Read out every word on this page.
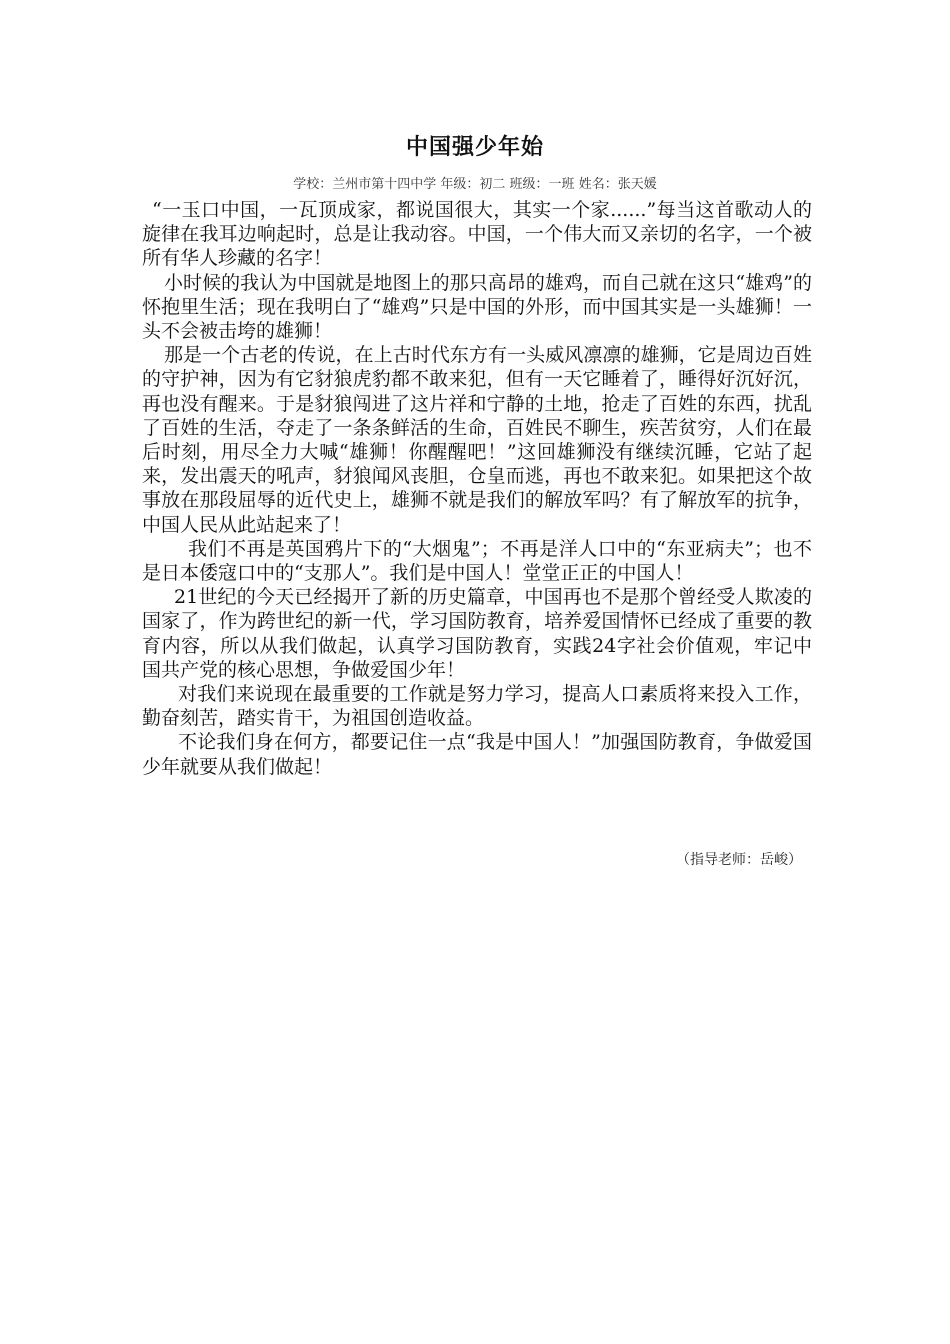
中国强少年始
学校：兰州市第十四中学 年级：初二 班级：一班 姓名：张天媛

“一玉口中国，一瓦顶成家，都说国很大，其实一个家......”每当这首歌动人的旋律在我耳边响起时，总是让我动容。中国，一个伟大而又亲切的名字，一个被所有华人珍藏的名字！

小时候的我认为中国就是地图上的那只高昂的雄鸡，而自己就在这只“雄鸡”的怀抱里生活；现在我明白了“雄鸡”只是中国的外形，而中国其实是一头雄狮！一头不会被击垮的雄狮！

那是一个古老的传说，在上古时代东方有一头威风凛凛的雄狮，它是周边百姓的守护神，因为有它豺狼虎豹都不敢来犯，但有一天它睡着了，睡得好沉好沉，再也没有醒来。于是豺狼闯进了这片祥和宁静的土地，抢走了百姓的东西，扰乱了百姓的生活，夺走了一条条鲜活的生命，百姓民不聊生，疾苦贫穷，人们在最后时刻，用尽全力大喊“雄狮！你醒醒吧！”这回雄狮没有继续沉睡，它站了起来，发出震天的吼声，豺狼闻风丧胆，仓皇而逃，再也不敢来犯。如果把这个故事放在那段屈辱的近代史上，雄狮不就是我们的解放军吗？有了解放军的抗争，中国人民从此站起来了！

我们不再是英国鸦片下的“大烟鬼”；不再是洋人口中的“东亚病夫”；也不是日本倭寇口中的“支那人”。我们是中国人！堂堂正正的中国人！

21世纪的今天已经揭开了新的历史篇章，中国再也不是那个曾经受人欺凌的国家了，作为跨世纪的新一代，学习国防教育，培养爱国情怀已经成了重要的教育内容，所以从我们做起，认真学习国防教育，实践24字社会价值观，牢记中国共产党的核心思想，争做爱国少年！

对我们来说现在最重要的工作就是努力学习，提高人口素质将来投入工作，勤奋刻苦，踏实肯干，为祖国创造收益。

不论我们身在何方，都要记住一点“我是中国人！”加强国防教育，争做爱国少年就要从我们做起！

（指导老师：岳峻）
